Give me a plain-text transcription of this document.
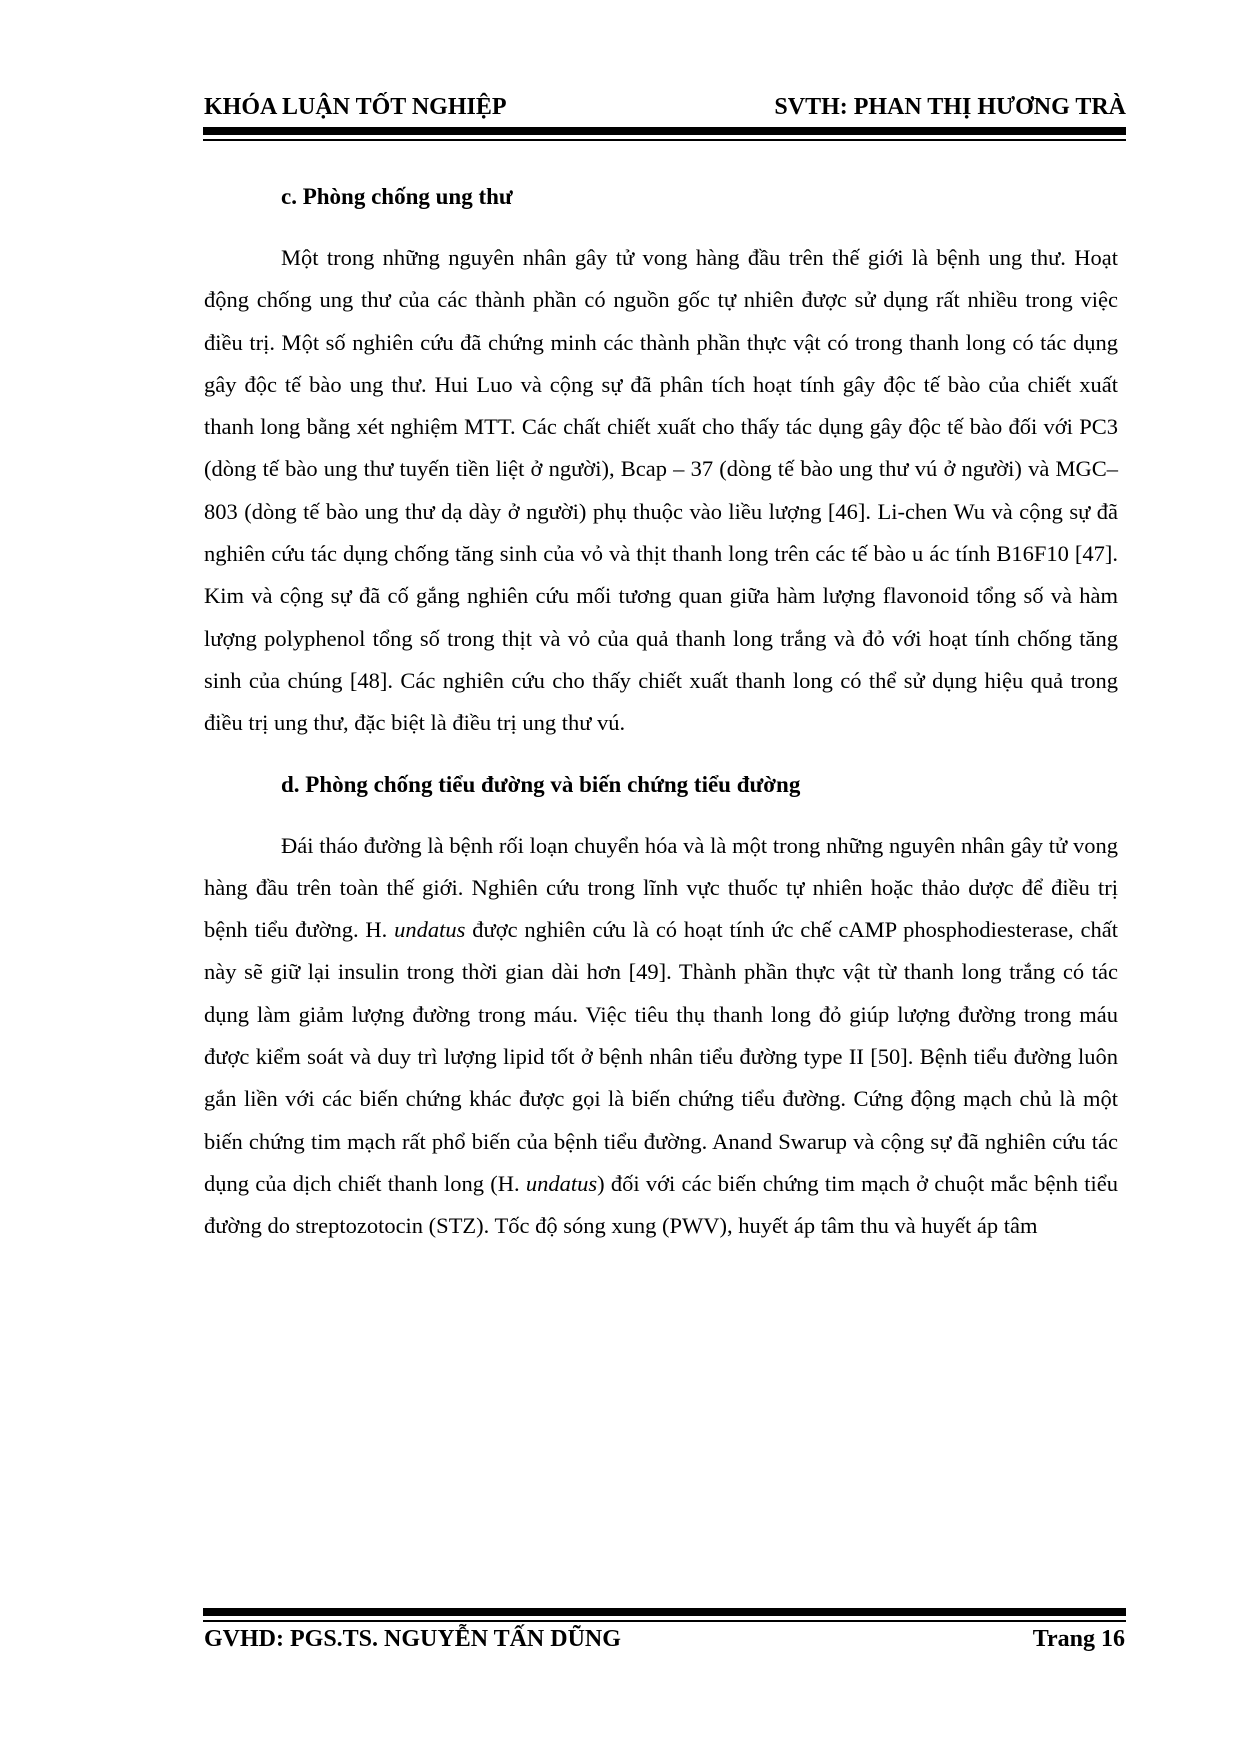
KHÓA LUẬN TỐT NGHIỆP	SVTH: PHAN THỊ HƯƠNG TRÀ
c. Phòng chống ung thư

Một trong những nguyên nhân gây tử vong hàng đầu trên thế giới là bệnh ung thư. Hoạt động chống ung thư của các thành phần có nguồn gốc tự nhiên được sử dụng rất nhiều trong việc điều trị. Một số nghiên cứu đã chứng minh các thành phần thực vật có trong thanh long có tác dụng gây độc tế bào ung thư. Hui Luo và cộng sự đã phân tích hoạt tính gây độc tế bào của chiết xuất thanh long bằng xét nghiệm MTT. Các chất chiết xuất cho thấy tác dụng gây độc tế bào đối với PC3 (dòng tế bào ung thư tuyến tiền liệt ở người), Bcap – 37 (dòng tế bào ung thư vú ở người) và MGC–803 (dòng tế bào ung thư dạ dày ở người) phụ thuộc vào liều lượng [46]. Li-chen Wu và cộng sự đã nghiên cứu tác dụng chống tăng sinh của vỏ và thịt thanh long trên các tế bào u ác tính B16F10 [47]. Kim và cộng sự đã cố gắng nghiên cứu mối tương quan giữa hàm lượng flavonoid tổng số và hàm lượng polyphenol tổng số trong thịt và vỏ của quả thanh long trắng và đỏ với hoạt tính chống tăng sinh của chúng [48]. Các nghiên cứu cho thấy chiết xuất thanh long có thể sử dụng hiệu quả trong điều trị ung thư, đặc biệt là điều trị ung thư vú.

d. Phòng chống tiểu đường và biến chứng tiểu đường

Đái tháo đường là bệnh rối loạn chuyển hóa và là một trong những nguyên nhân gây tử vong hàng đầu trên toàn thế giới. Nghiên cứu trong lĩnh vực thuốc tự nhiên hoặc thảo dược để điều trị bệnh tiểu đường. H. undatus được nghiên cứu là có hoạt tính ức chế cAMP phosphodiesterase, chất này sẽ giữ lại insulin trong thời gian dài hơn [49]. Thành phần thực vật từ thanh long trắng có tác dụng làm giảm lượng đường trong máu. Việc tiêu thụ thanh long đỏ giúp lượng đường trong máu được kiểm soát và duy trì lượng lipid tốt ở bệnh nhân tiểu đường type II [50]. Bệnh tiểu đường luôn gắn liền với các biến chứng khác được gọi là biến chứng tiểu đường. Cứng động mạch chủ là một biến chứng tim mạch rất phổ biến của bệnh tiểu đường. Anand Swarup và cộng sự đã nghiên cứu tác dụng của dịch chiết thanh long (H. undatus) đối với các biến chứng tim mạch ở chuột mắc bệnh tiểu đường do streptozotocin (STZ). Tốc độ sóng xung (PWV), huyết áp tâm thu và huyết áp tâm

GVHD: PGS.TS. NGUYỄN TẤN DŨNG	Trang 16
